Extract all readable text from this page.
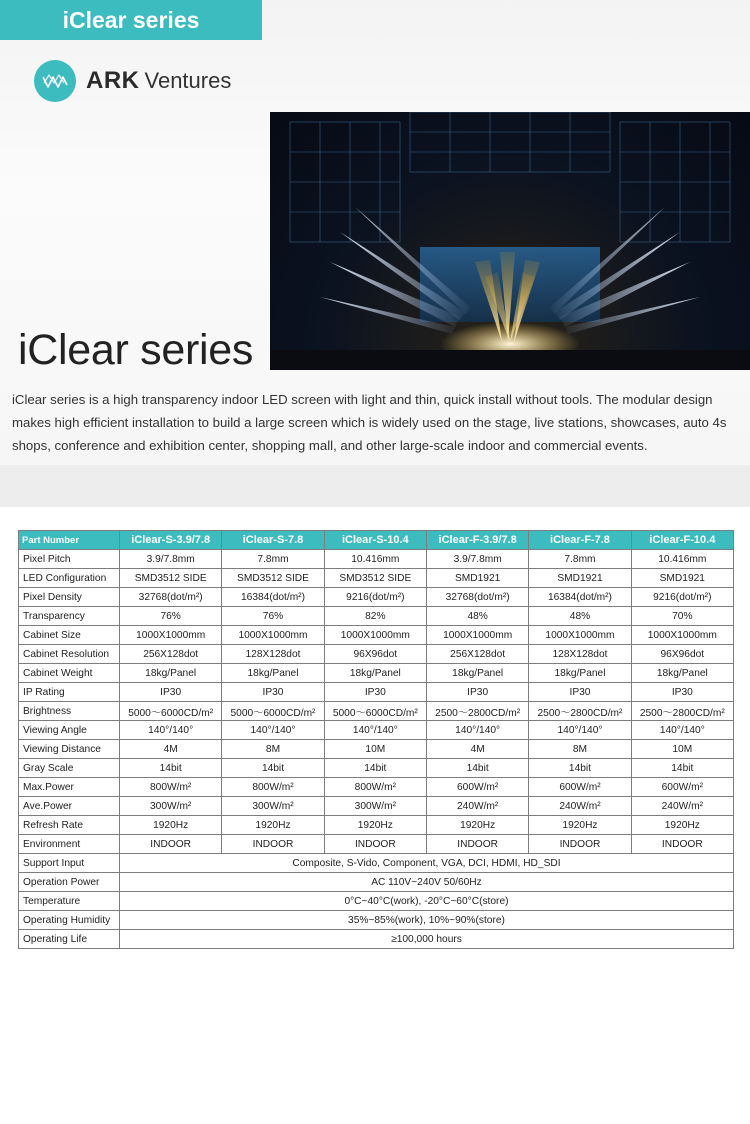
iClear series
ARK Ventures
iClear series

iClear series is a high transparency indoor LED screen with light and thin, quick install without tools. The modular design makes high efficient installation to build a large screen which is widely used on the stage, live stations, showcases, auto 4s shops, conference and exhibition center, shopping mall, and other large-scale indoor and commercial events.

Part Number	iClear-S-3.9/7.8	iClear-S-7.8	iClear-S-10.4	iClear-F-3.9/7.8	iClear-F-7.8	iClear-F-10.4
Pixel Pitch	3.9/7.8mm	7.8mm	10.416mm	3.9/7.8mm	7.8mm	10.416mm
LED Configuration	SMD3512 SIDE	SMD3512 SIDE	SMD3512 SIDE	SMD1921	SMD1921	SMD1921
Pixel Density	32768(dot/m²)	16384(dot/m²)	9216(dot/m²)	32768(dot/m²)	16384(dot/m²)	9216(dot/m²)
Transparency	76%	76%	82%	48%	48%	70%
Cabinet Size	1000X1000mm	1000X1000mm	1000X1000mm	1000X1000mm	1000X1000mm	1000X1000mm
Cabinet Resolution	256X128dot	128X128dot	96X96dot	256X128dot	128X128dot	96X96dot
Cabinet Weight	18kg/Panel	18kg/Panel	18kg/Panel	18kg/Panel	18kg/Panel	18kg/Panel
IP Rating	IP30	IP30	IP30	IP30	IP30	IP30
Brightness	5000～6000CD/m²	5000～6000CD/m²	5000～6000CD/m²	2500～2800CD/m²	2500～2800CD/m²	2500～2800CD/m²
Viewing Angle	140°/140°	140°/140°	140°/140°	140°/140°	140°/140°	140°/140°
Viewing Distance	4M	8M	10M	4M	8M	10M
Gray Scale	14bit	14bit	14bit	14bit	14bit	14bit
Max.Power	800W/m²	800W/m²	800W/m²	600W/m²	600W/m²	600W/m²
Ave.Power	300W/m²	300W/m²	300W/m²	240W/m²	240W/m²	240W/m²
Refresh Rate	1920Hz	1920Hz	1920Hz	1920Hz	1920Hz	1920Hz
Environment	INDOOR	INDOOR	INDOOR	INDOOR	INDOOR	INDOOR
Support Input	Composite, S-Vido, Component, VGA, DCI, HDMI, HD_SDI					
Operation Power	AC 110V~240V 50/60Hz					
Temperature	0°C~40°C(work), -20°C~60°C(store)					
Operating Humidity	35%~85%(work), 10%~90%(store)					
Operating Life	≥100,000 hours					
